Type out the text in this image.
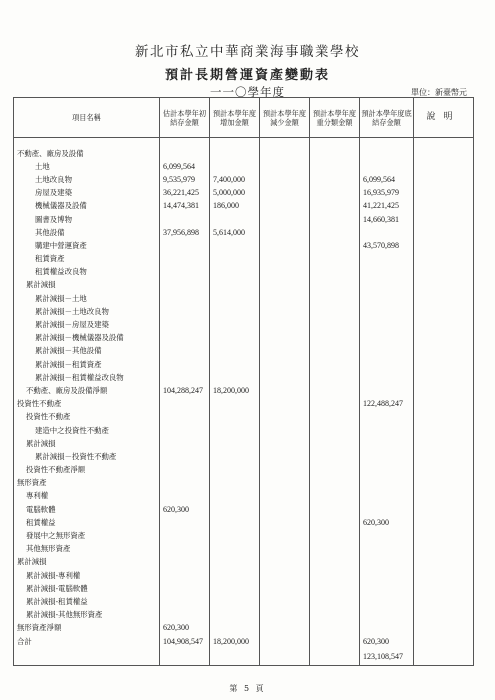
新北市私立中華商業海事職業學校
預計長期營運資產變動表
一一〇學年度	單位：新臺幣元
項目名稱	估計本學年初結存金額	預計本學年度增加金額	預計本學年度減少金額	預計本學年度重分類金額	預計本學年度底結存金額	說明

不動產、廠房及設備						
土地	6,099,564					
土地改良物	9,535,979	7,400,000			6,099,564	
房屋及建築	36,221,425	5,000,000			16,935,979	
機械儀器及設備	14,474,381	186,000			41,221,425	
圖書及博物					14,660,381	
其他設備	37,956,898	5,614,000				
購建中營運資產					43,570,898	
租賃資產						
租賃權益改良物						
累計減損						
累計減損－土地						
累計減損－土地改良物						
累計減損－房屋及建築						
累計減損－機械儀器及設備						
累計減損－其他設備						
累計減損－租賃資產						
累計減損－租賃權益改良物						
不動產、廠房及設備淨額	104,288,247	18,200,000				
投資性不動產					122,488,247	
投資性不動產						
建造中之投資性不動產						
累計減損						
累計減損－投資性不動產						
投資性不動產淨額						
無形資產						
專利權						
電腦軟體	620,300					
租賃權益					620,300	
發展中之無形資產						
其他無形資產						
累計減損						
累計減損-專利權						
累計減損-電腦軟體						
累計減損-租賃權益						
累計減損-其他無形資產						
無形資產淨額	620,300					
合計	104,908,547	18,200,000			620,300	
					123,108,547	
第 5 頁
